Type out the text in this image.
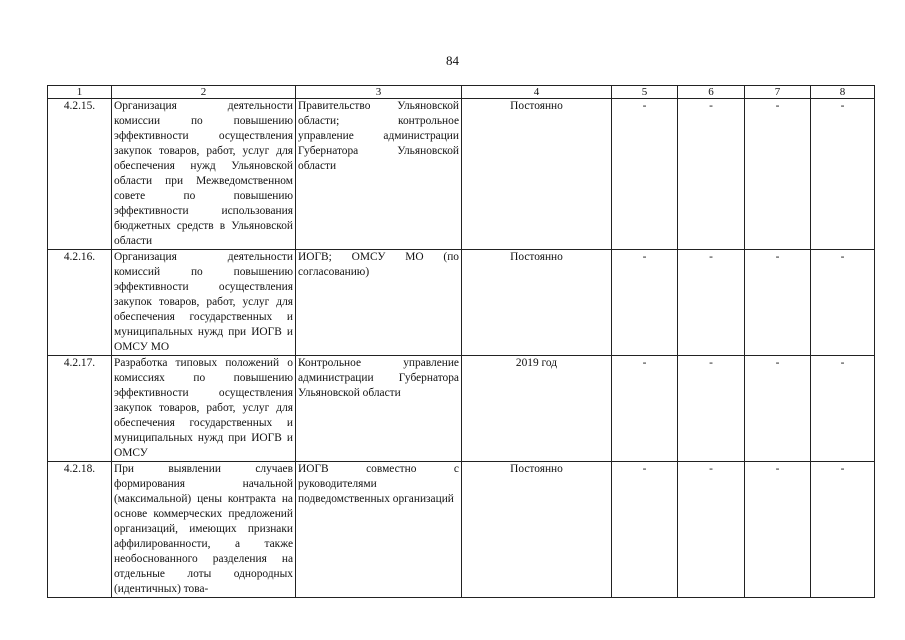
84
1	2	3	4	5	6	7	8
4.2.15.	Организация деятельности комиссии по повышению эффективности осуществления закупок товаров, работ, услуг для обеспечения нужд Ульяновской области при Межведомственном совете по повышению эффективности использования бюджетных средств в Ульяновской области	Правительство Ульяновской области; контрольное управление администрации Губернатора Ульяновской области	Постоянно	-	-	-	-
4.2.16.	Организация деятельности комиссий по повышению эффективности осуществления закупок товаров, работ, услуг для обеспечения государственных и муниципальных нужд при ИОГВ и ОМСУ МО	ИОГВ; ОМСУ МО (по согласованию)	Постоянно	-	-	-	-
4.2.17.	Разработка типовых положений о комиссиях по повышению эффективности осуществления закупок товаров, работ, услуг для обеспечения государственных и муниципальных нужд при ИОГВ и ОМСУ	Контрольное управление администрации Губернатора Ульяновской области	2019 год	-	-	-	-
4.2.18.	При выявлении случаев формирования начальной (максимальной) цены контракта на основе коммерческих предложений организаций, имеющих признаки аффилированности, а также необоснованного разделения на отдельные лоты однородных (идентичных) това-	ИОГВ совместно с руководителями подведомственных организаций	Постоянно	-	-	-	-
